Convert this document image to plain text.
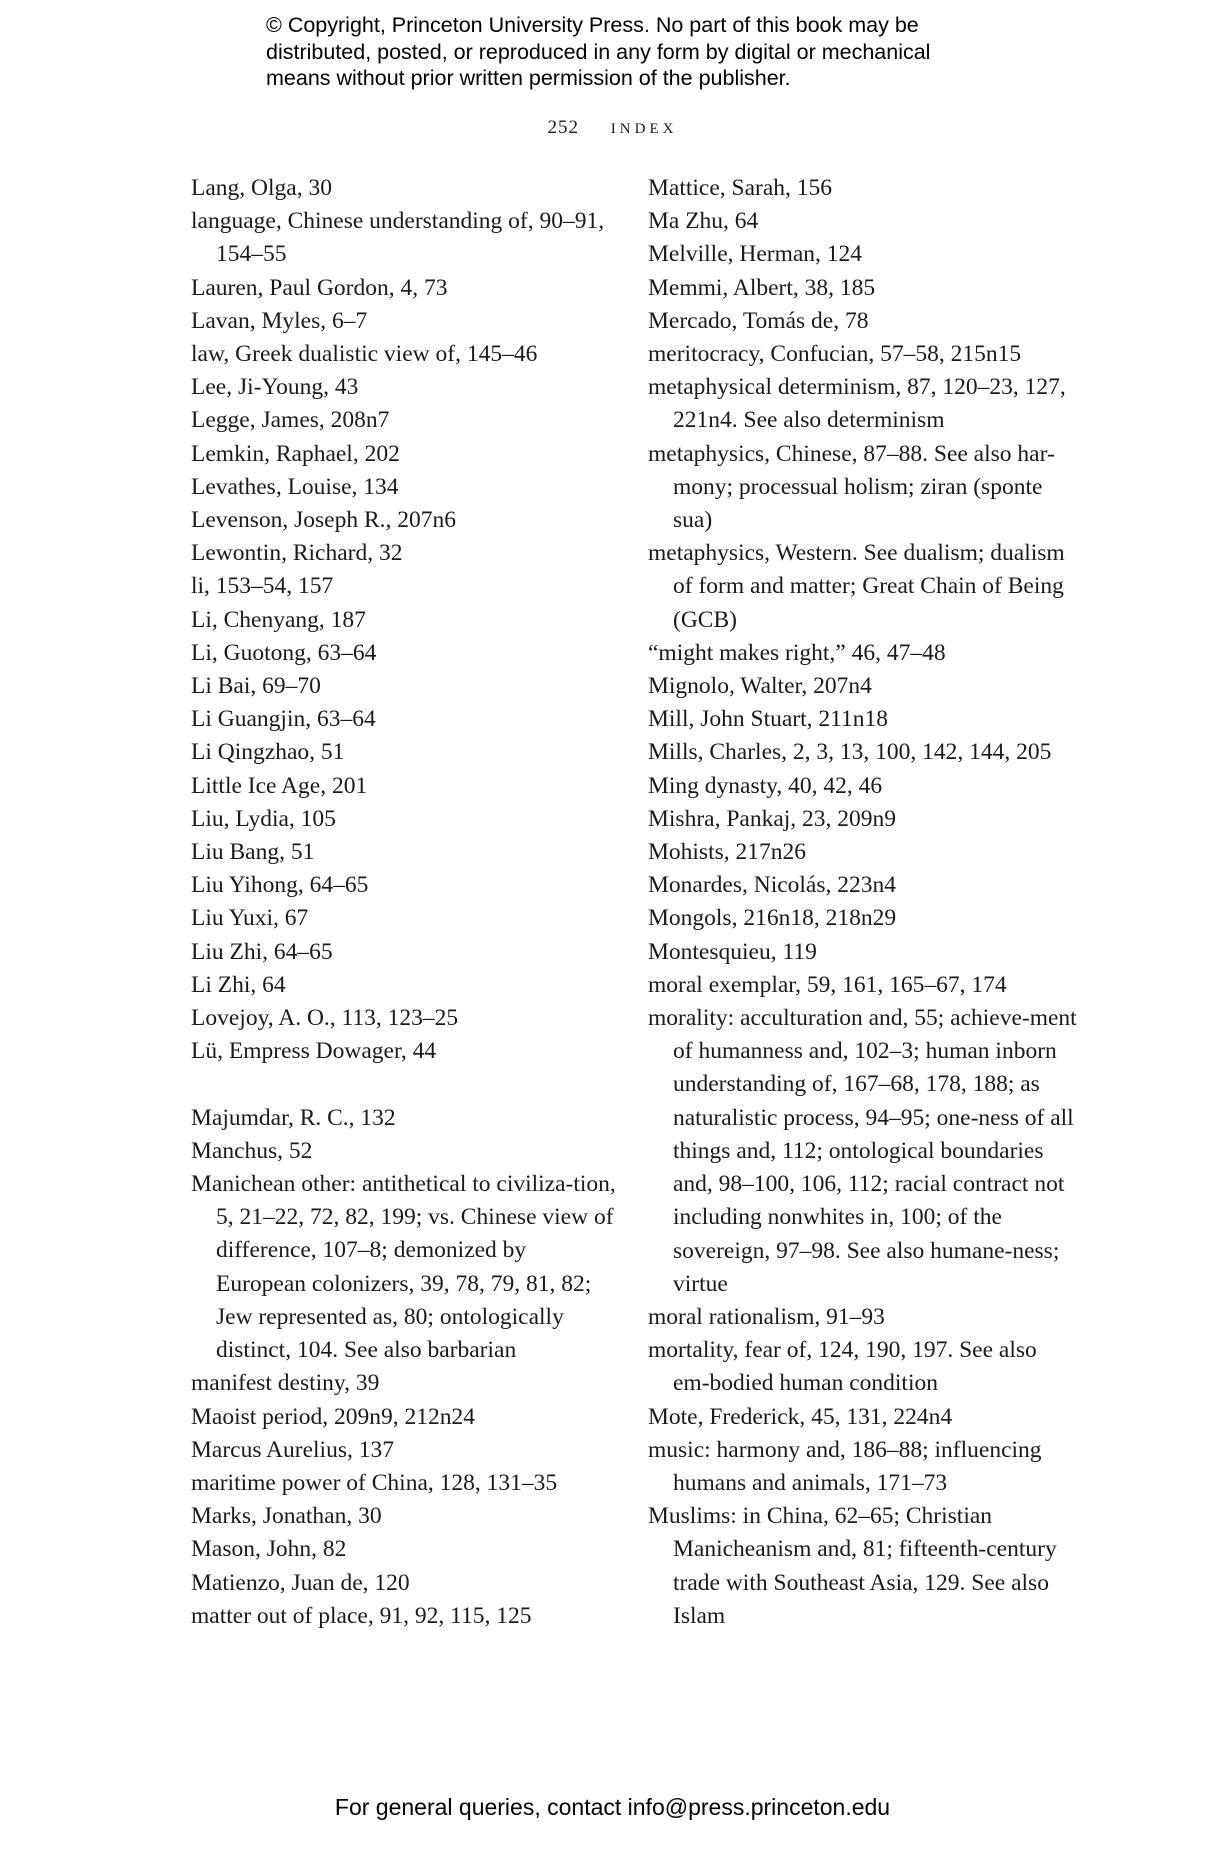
© Copyright, Princeton University Press. No part of this book may be
distributed, posted, or reproduced in any form by digital or mechanical
means without prior written permission of the publisher.
252 index

Lang, Olga, 30

language, Chinese understanding of, 90–91, 154–55

Lauren, Paul Gordon, 4, 73

Lavan, Myles, 6–7

law, Greek dualistic view of, 145–46

Lee, Ji-Young, 43

Legge, James, 208n7

Lemkin, Raphael, 202

Levathes, Louise, 134

Levenson, Joseph R., 207n6

Lewontin, Richard, 32

li, 153–54, 157

Li, Chenyang, 187

Li, Guotong, 63–64

Li Bai, 69–70

Li Guangjin, 63–64

Li Qingzhao, 51

Little Ice Age, 201

Liu, Lydia, 105

Liu Bang, 51

Liu Yihong, 64–65

Liu Yuxi, 67

Liu Zhi, 64–65

Li Zhi, 64

Lovejoy, A. O., 113, 123–25

Lü, Empress Dowager, 44

Majumdar, R. C., 132

Manchus, 52

Manichean other: antithetical to civiliza-tion, 5, 21–22, 72, 82, 199; vs. Chinese view of difference, 107–8; demonized by European colonizers, 39, 78, 79, 81, 82; Jew represented as, 80; ontologically distinct, 104. See also barbarian

manifest destiny, 39

Maoist period, 209n9, 212n24

Marcus Aurelius, 137

maritime power of China, 128, 131–35

Marks, Jonathan, 30

Mason, John, 82

Matienzo, Juan de, 120

matter out of place, 91, 92, 115, 125

Mattice, Sarah, 156

Ma Zhu, 64

Melville, Herman, 124

Memmi, Albert, 38, 185

Mercado, Tomás de, 78

meritocracy, Confucian, 57–58, 215n15

metaphysical determinism, 87, 120–23, 127, 221n4. See also determinism

metaphysics, Chinese, 87–88. See also har-mony; processual holism; ziran (sponte sua)

metaphysics, Western. See dualism; dualism of form and matter; Great Chain of Being (GCB)

“might makes right,” 46, 47–48

Mignolo, Walter, 207n4

Mill, John Stuart, 211n18

Mills, Charles, 2, 3, 13, 100, 142, 144, 205

Ming dynasty, 40, 42, 46

Mishra, Pankaj, 23, 209n9

Mohists, 217n26

Monardes, Nicolás, 223n4

Mongols, 216n18, 218n29

Montesquieu, 119

moral exemplar, 59, 161, 165–67, 174

morality: acculturation and, 55; achieve-ment of humanness and, 102–3; human inborn understanding of, 167–68, 178, 188; as naturalistic process, 94–95; one-ness of all things and, 112; ontological boundaries and, 98–100, 106, 112; racial contract not including nonwhites in, 100; of the sovereign, 97–98. See also humane-ness; virtue

moral rationalism, 91–93

mortality, fear of, 124, 190, 197. See also em-bodied human condition

Mote, Frederick, 45, 131, 224n4

music: harmony and, 186–88; influencing humans and animals, 171–73

Muslims: in China, 62–65; Christian Manicheanism and, 81; fifteenth-century trade with Southeast Asia, 129. See also Islam

For general queries, contact info@press.princeton.edu
